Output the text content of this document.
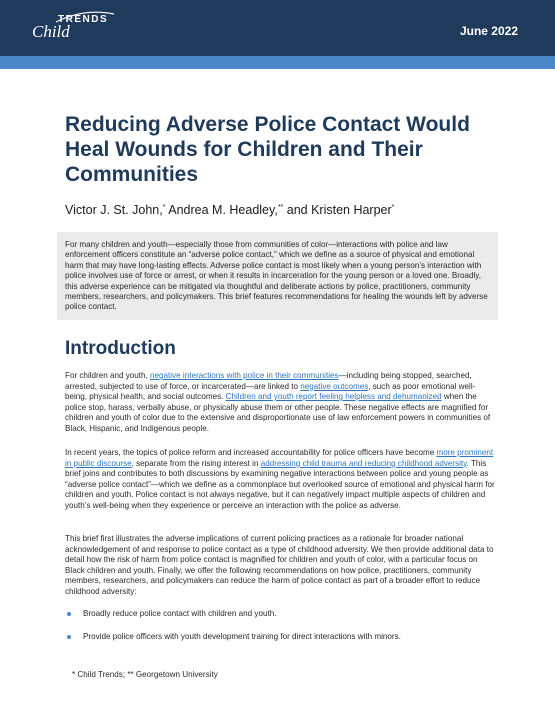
TRENDS
Child	June 2022
Reducing Adverse Police Contact Would Heal Wounds for Children and Their Communities

Victor J. St. John,* Andrea M. Headley,** and Kristen Harper*

For many children and youth—especially those from communities of color—interactions with police and law enforcement officers constitute an “adverse police contact,” which we define as a source of physical and emotional harm that may have long-lasting effects. Adverse police contact is most likely when a young person’s interaction with police involves use of force or arrest, or when it results in incarceration for the young person or a loved one. Broadly, this adverse experience can be mitigated via thoughtful and deliberate actions by police, practitioners, community members, researchers, and policymakers. This brief features recommendations for healing the wounds left by adverse police contact.
Introduction

For children and youth, negative interactions with police in their communities—including being stopped, searched, arrested, subjected to use of force, or incarcerated—are linked to negative outcomes, such as poor emotional well-being, physical health, and social outcomes. Children and youth report feeling helpless and dehumanized when the police stop, harass, verbally abuse, or physically abuse them or other people. These negative effects are magnified for children and youth of color due to the extensive and disproportionate use of law enforcement powers in communities of Black, Hispanic, and Indigenous people.

In recent years, the topics of police reform and increased accountability for police officers have become more prominent in public discourse, separate from the rising interest in addressing child trauma and reducing childhood adversity. This brief joins and contributes to both discussions by examining negative interactions between police and young people as “adverse police contact”—which we define as a commonplace but overlooked source of emotional and physical harm for children and youth. Police contact is not always negative, but it can negatively impact multiple aspects of children and youth’s well-being when they experience or perceive an interaction with the police as adverse.

This brief first illustrates the adverse implications of current policing practices as a rationale for broader national acknowledgement of and response to police contact as a type of childhood adversity. We then provide additional data to detail how the risk of harm from police contact is magnified for children and youth of color, with a particular focus on Black children and youth. Finally, we offer the following recommendations on how police, practitioners, community members, researchers, and policymakers can reduce the harm of police contact as part of a broader effort to reduce childhood adversity:

Broadly reduce police contact with children and youth.
Provide police officers with youth development training for direct interactions with minors.
* Child Trends; ** Georgetown University
